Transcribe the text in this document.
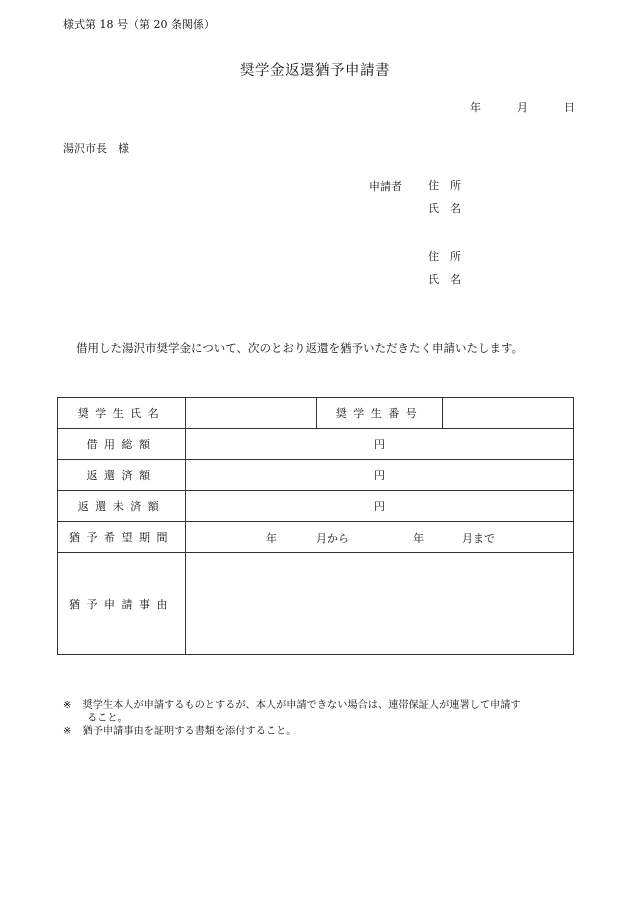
様式第 18 号（第 20 条関係）
奨学金返還猶予申請書
年	月	日
湯沢市長　様
申請者 住　所
氏　名
住　所
氏　名
借用した湯沢市奨学金について、次のとおり返還を猶予いただきたく申請いたします。
奨学生氏名		奨学生番号	
借用総額	円		
返還済額	円		
返還未済額	円		
猶予希望期間	年 月から 年 月まで		

猶予申請事由			
※ 奨学生本人が申請するものとするが、本人が申請できない場合は、連帯保証人が連署して申請す
ること。
※ 猶予申請事由を証明する書類を添付すること。
